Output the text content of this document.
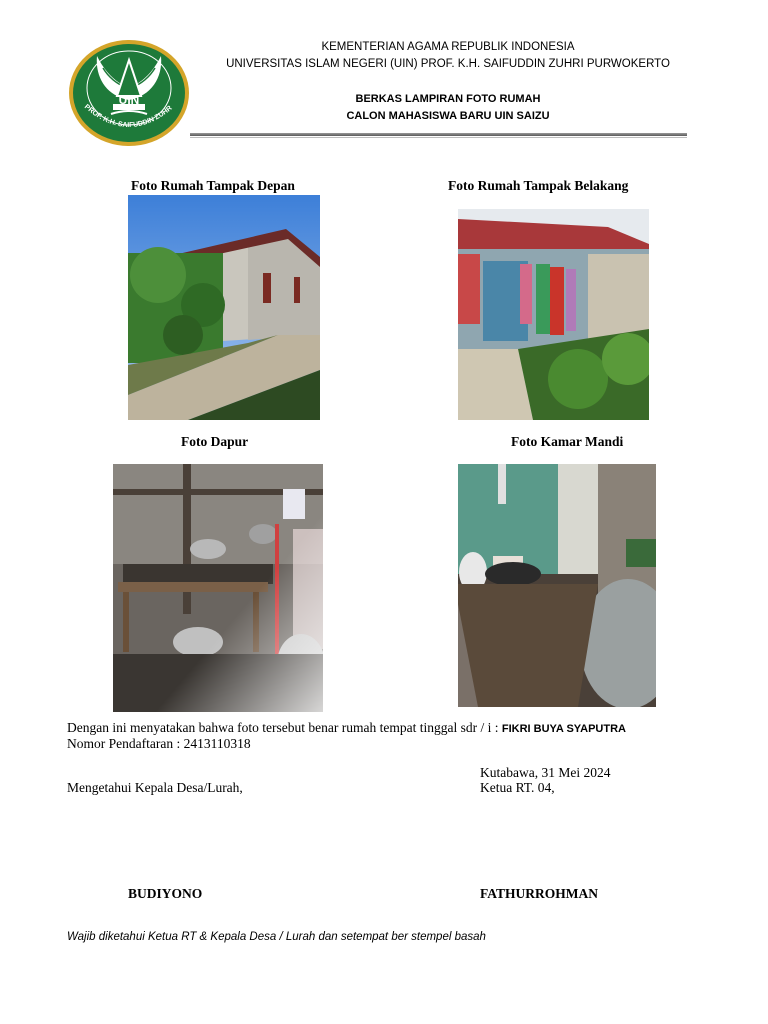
UIN
PROF. K.H. SAIFUDDIN ZUHR
KEMENTERIAN AGAMA REPUBLIK INDONESIA
UNIVERSITAS ISLAM NEGERI (UIN) PROF. K.H. SAIFUDDIN ZUHRI PURWOKERTO
BERKAS LAMPIRAN FOTO RUMAH
CALON MAHASISWA BARU UIN SAIZU
Foto Rumah Tampak Depan	Foto Rumah Tampak Belakang
Foto Dapur	Foto Kamar Mandi
Dengan ini menyatakan bahwa foto tersebut benar rumah tempat tinggal sdr / i : FIKRI BUYA SYAPUTRA
Nomor Pendaftaran : 2413110318
Kutabawa, 31 Mei 2024
Mengetahui Kepala Desa/Lurah,	Ketua RT. 04,
BUDIYONO	FATHURROHMAN
Wajib diketahui Ketua RT & Kepala Desa / Lurah dan setempat ber stempel basah
